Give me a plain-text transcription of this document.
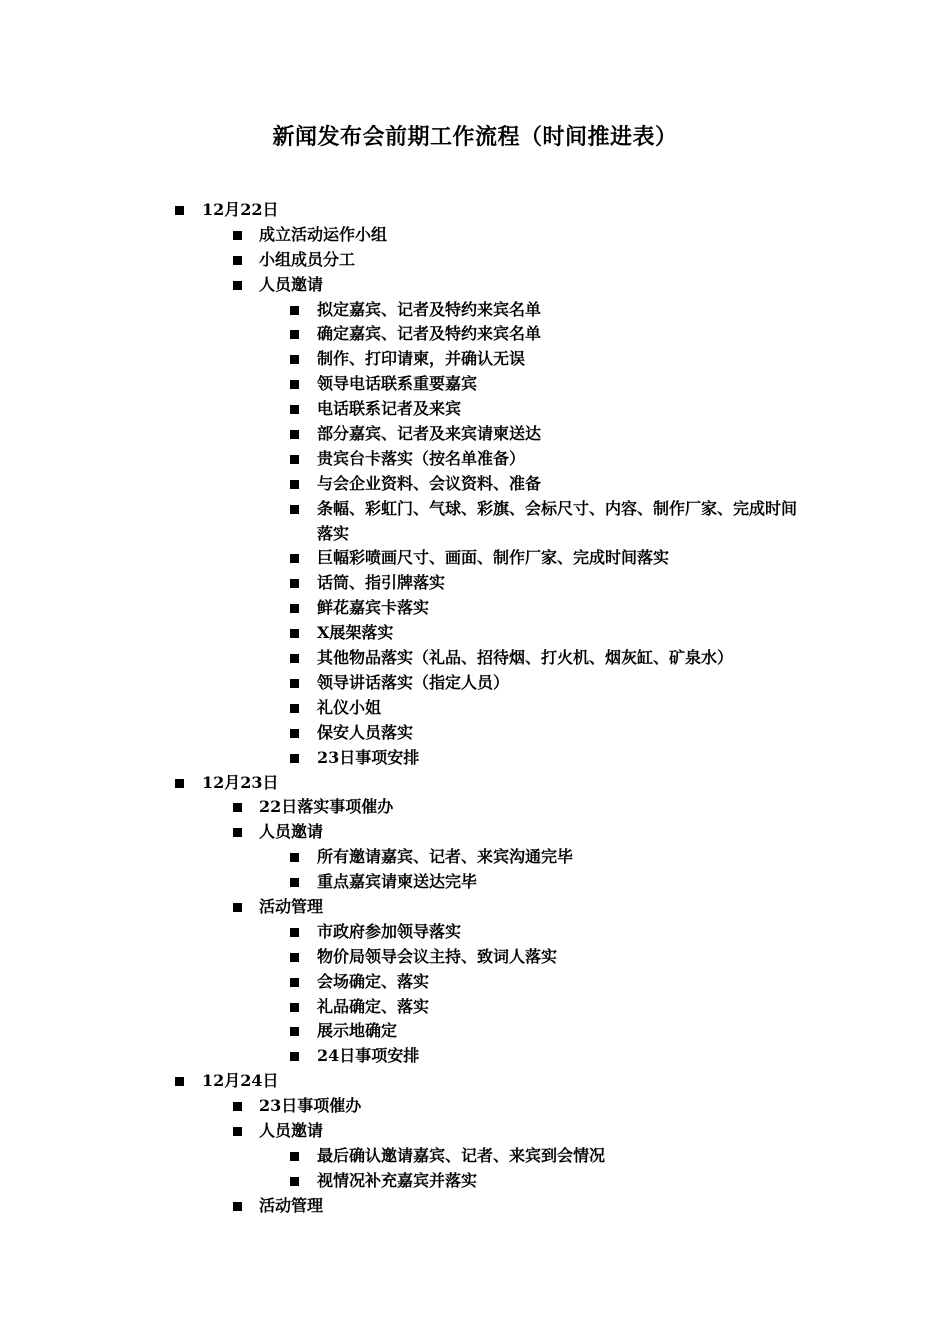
新闻发布会前期工作流程（时间推进表）
12月22日
成立活动运作小组
小组成员分工
人员邀请
拟定嘉宾、记者及特约来宾名单
确定嘉宾、记者及特约来宾名单
制作、打印请柬，并确认无误
领导电话联系重要嘉宾
电话联系记者及来宾
部分嘉宾、记者及来宾请柬送达
贵宾台卡落实（按名单准备）
与会企业资料、会议资料、准备
条幅、彩虹门、气球、彩旗、会标尺寸、内容、制作厂家、完成时间落实
巨幅彩喷画尺寸、画面、制作厂家、完成时间落实
话筒、指引牌落实
鲜花嘉宾卡落实
X展架落实
其他物品落实（礼品、招待烟、打火机、烟灰缸、矿泉水）
领导讲话落实（指定人员）
礼仪小姐
保安人员落实
23日事项安排
12月23日
22日落实事项催办
人员邀请
所有邀请嘉宾、记者、来宾沟通完毕
重点嘉宾请柬送达完毕
活动管理
市政府参加领导落实
物价局领导会议主持、致词人落实
会场确定、落实
礼品确定、落实
展示地确定
24日事项安排
12月24日
23日事项催办
人员邀请
最后确认邀请嘉宾、记者、来宾到会情况
视情况补充嘉宾并落实
活动管理
